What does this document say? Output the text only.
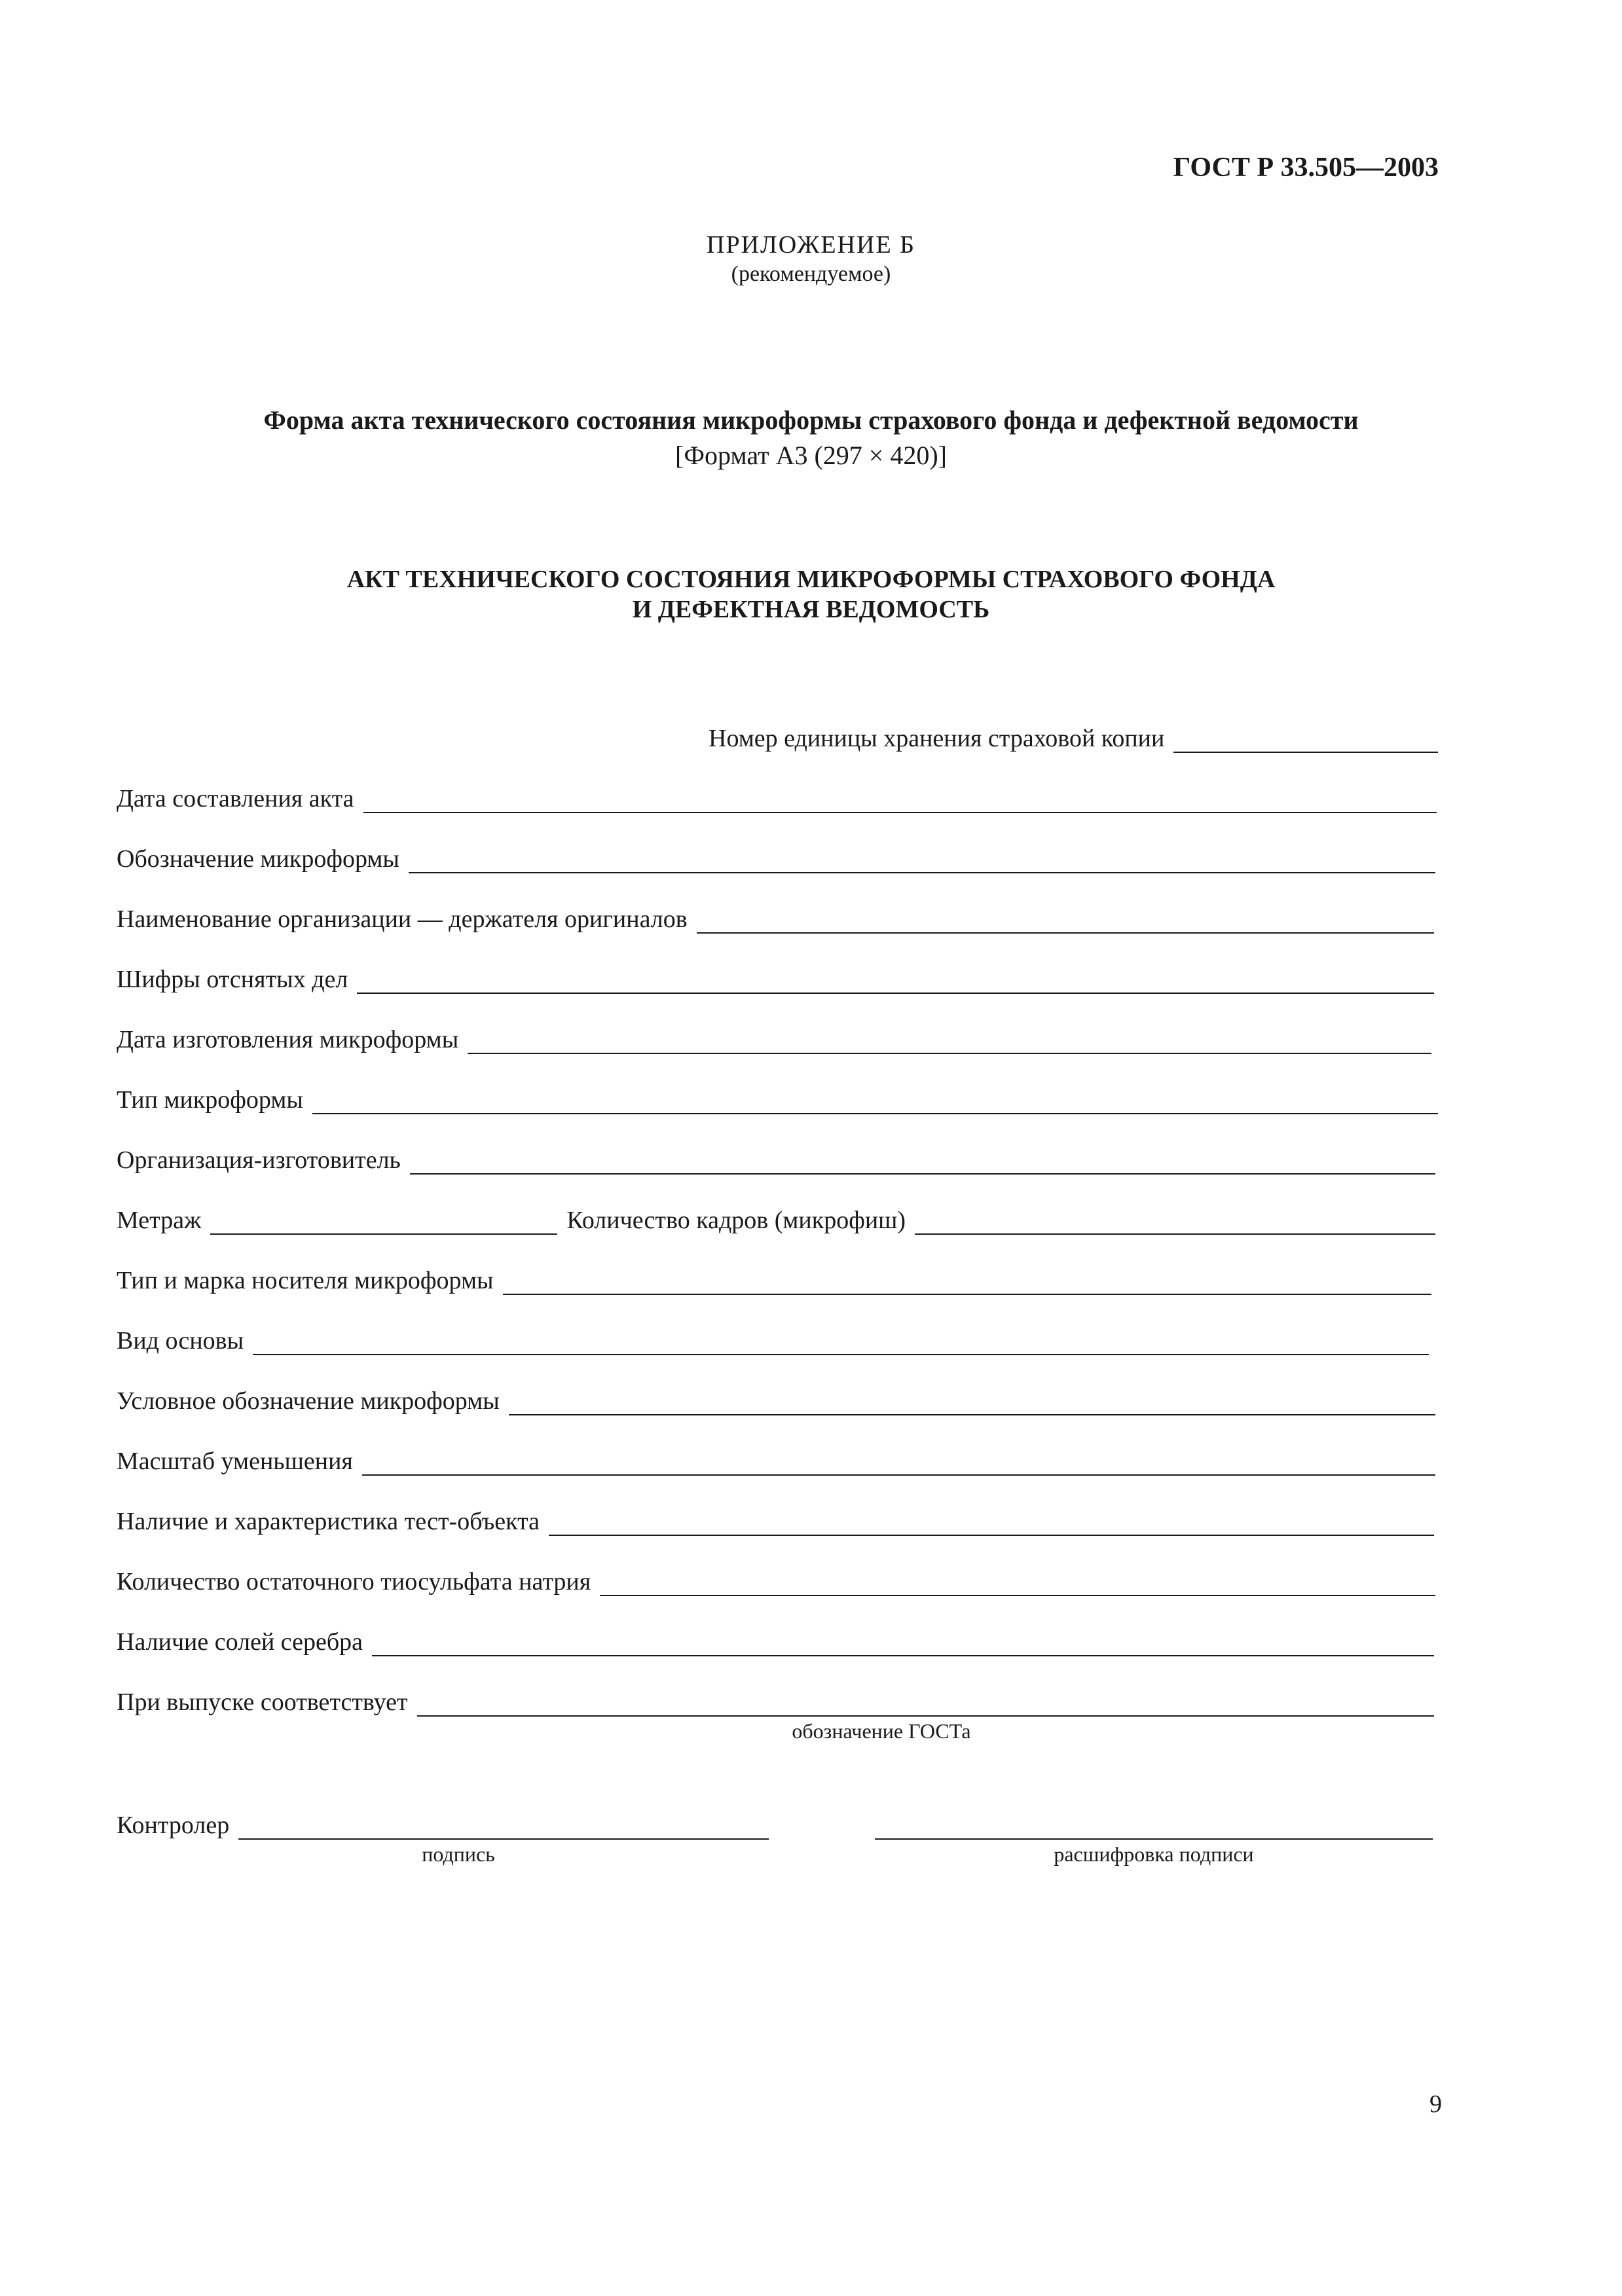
ГОСТ Р 33.505—2003
ПРИЛОЖЕНИЕ Б
(рекомендуемое)
Форма акта технического состояния микроформы страхового фонда и дефектной ведомости
[Формат А3 (297 × 420)]
АКТ ТЕХНИЧЕСКОГО СОСТОЯНИЯ МИКРОФОРМЫ СТРАХОВОГО ФОНДА
И ДЕФЕКТНАЯ ВЕДОМОСТЬ
Номер единицы хранения страховой копии
Дата составления акта
Обозначение микроформы
Наименование организации — держателя оригиналов
Шифры отснятых дел
Дата изготовления микроформы
Тип микроформы
Организация-изготовитель
Метраж	Количество кадров (микрофиш)
Тип и марка носителя микроформы
Вид основы
Условное обозначение микроформы
Масштаб уменьшения
Наличие и характеристика тест-объекта
Количество остаточного тиосульфата натрия
Наличие солей серебра
При выпуске соответствует
обозначение ГОСТа
Контролер
подпись	расшифровка подписи
9
